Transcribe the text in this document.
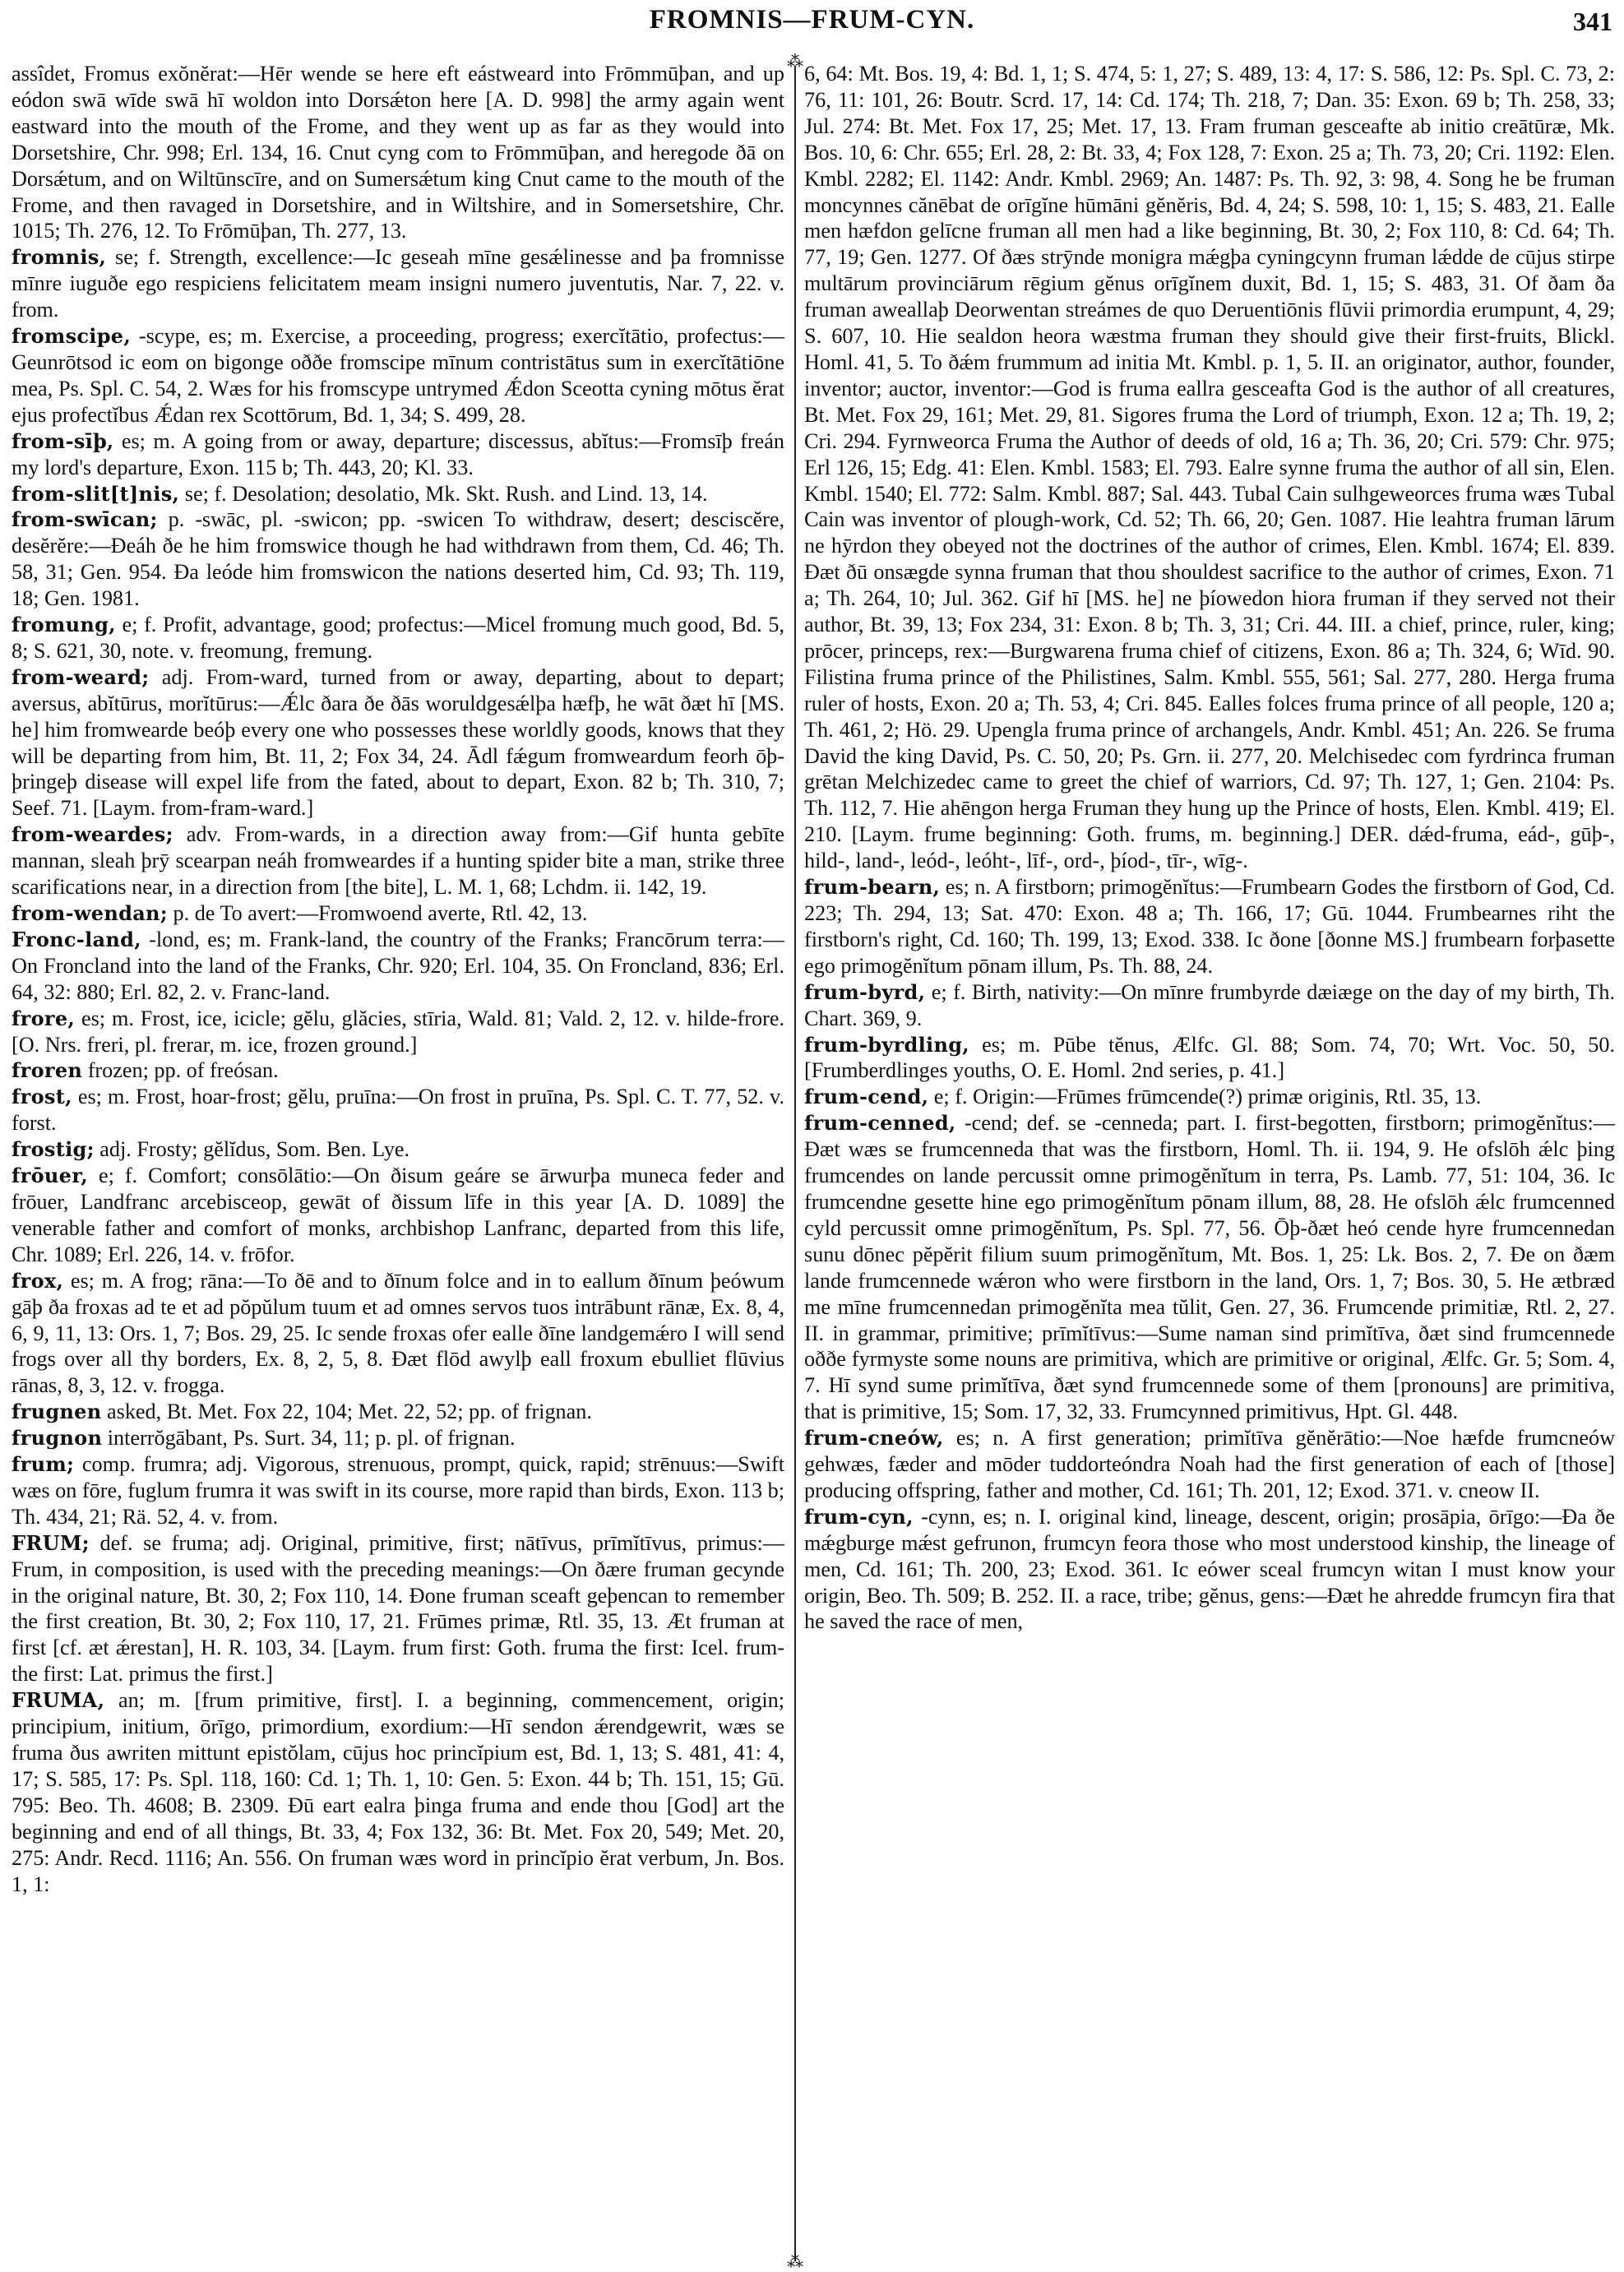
FROMNIS—FRUM-CYN.	341
⁂
⁂

assîdet, Fromus exŏnĕrat:—Hēr wende se here eft eástweard into Frōmmūþan, and up eódon swā wīde swā hī woldon into Dorsǽton here [A. D. 998] the army again went eastward into the mouth of the Frome, and they went up as far as they would into Dorsetshire, Chr. 998; Erl. 134, 16. Cnut cyng com to Frōmmūþan, and heregode ðā on Dorsǽtum, and on Wiltūnscīre, and on Sumersǽtum king Cnut came to the mouth of the Frome, and then ravaged in Dorsetshire, and in Wiltshire, and in Somersetshire, Chr. 1015; Th. 276, 12. To Frōmūþan, Th. 277, 13.

fromnis, se; f. Strength, excellence:—Ic geseah mīne gesǽlinesse and þa fromnisse mīnre iuguðe ego respiciens felicitatem meam insigni numero juventutis, Nar. 7, 22. v. from.

fromscipe, -scype, es; m. Exercise, a proceeding, progress; exercĭtātio, profectus:—Geunrōtsod ic eom on bigonge oððe fromscipe mīnum contristātus sum in exercĭtātiōne mea, Ps. Spl. C. 54, 2. Wæs for his fromscype untrymed Ǽdon Sceotta cyning mōtus ĕrat ejus profectĭbus Ǽdan rex Scottōrum, Bd. 1, 34; S. 499, 28.

from-sīþ, es; m. A going from or away, departure; discessus, abĭtus:—Fromsīþ freán my lord's departure, Exon. 115 b; Th. 443, 20; Kl. 33.

from-slit[t]nis, se; f. Desolation; desolatio, Mk. Skt. Rush. and Lind. 13, 14.

from-swīcan; p. -swāc, pl. -swicon; pp. -swicen To withdraw, desert; desciscĕre, desĕrĕre:—Ðeáh ðe he him fromswice though he had withdrawn from them, Cd. 46; Th. 58, 31; Gen. 954. Ða leóde him fromswicon the nations deserted him, Cd. 93; Th. 119, 18; Gen. 1981.

fromung, e; f. Profit, advantage, good; profectus:—Micel fromung much good, Bd. 5, 8; S. 621, 30, note. v. freomung, fremung.

from-weard; adj. From-ward, turned from or away, departing, about to depart; aversus, abĭtūrus, morĭtūrus:—Ǽlc ðara ðe ðās woruldgesǽlþa hæfþ, he wāt ðæt hī [MS. he] him fromwearde beóþ every one who possesses these worldly goods, knows that they will be departing from him, Bt. 11, 2; Fox 34, 24. Ādl fǽgum fromweardum feorh ōþ-þringeþ disease will expel life from the fated, about to depart, Exon. 82 b; Th. 310, 7; Seef. 71. [Laym. from-fram-ward.]

from-weardes; adv. From-wards, in a direction away from:—Gif hunta gebīte mannan, sleah þrȳ scearpan neáh fromweardes if a hunting spider bite a man, strike three scarifications near, in a direction from [the bite], L. M. 1, 68; Lchdm. ii. 142, 19.

from-wendan; p. de To avert:—Fromwoend averte, Rtl. 42, 13.

Fronc-land, -lond, es; m. Frank-land, the country of the Franks; Francōrum terra:—On Froncland into the land of the Franks, Chr. 920; Erl. 104, 35. On Froncland, 836; Erl. 64, 32: 880; Erl. 82, 2. v. Franc-land.

frore, es; m. Frost, ice, icicle; gĕlu, glăcies, stīria, Wald. 81; Vald. 2, 12. v. hilde-frore. [O. Nrs. freri, pl. frerar, m. ice, frozen ground.]

froren frozen; pp. of freósan.

frost, es; m. Frost, hoar-frost; gĕlu, pruīna:—On frost in pruīna, Ps. Spl. C. T. 77, 52. v. forst.

frostig; adj. Frosty; gĕlĭdus, Som. Ben. Lye.

frōuer, e; f. Comfort; consōlātio:—On ðisum geáre se ārwurþa muneca feder and frōuer, Landfranc arcebisceop, gewāt of ðissum līfe in this year [A. D. 1089] the venerable father and comfort of monks, archbishop Lanfranc, departed from this life, Chr. 1089; Erl. 226, 14. v. frōfor.

frox, es; m. A frog; rāna:—To ðē and to ðīnum folce and in to eallum ðīnum þeówum gāþ ða froxas ad te et ad pŏpŭlum tuum et ad omnes servos tuos intrābunt rānæ, Ex. 8, 4, 6, 9, 11, 13: Ors. 1, 7; Bos. 29, 25. Ic sende froxas ofer ealle ðīne landgemǽro I will send frogs over all thy borders, Ex. 8, 2, 5, 8. Ðæt flōd awylþ eall froxum ebulliet flūvius rānas, 8, 3, 12. v. frogga.

frugnen asked, Bt. Met. Fox 22, 104; Met. 22, 52; pp. of frignan.

frugnon interrŏgābant, Ps. Surt. 34, 11; p. pl. of frignan.

frum; comp. frumra; adj. Vigorous, strenuous, prompt, quick, rapid; strēnuus:—Swift wæs on fōre, fuglum frumra it was swift in its course, more rapid than birds, Exon. 113 b; Th. 434, 21; Rä. 52, 4. v. from.

FRUM; def. se fruma; adj. Original, primitive, first; nātīvus, prīmĭtīvus, primus:—Frum, in composition, is used with the preceding meanings:—On ðære fruman gecynde in the original nature, Bt. 30, 2; Fox 110, 14. Ðone fruman sceaft geþencan to remember the first creation, Bt. 30, 2; Fox 110, 17, 21. Frūmes primæ, Rtl. 35, 13. Æt fruman at first [cf. æt ǽrestan], H. R. 103, 34. [Laym. frum first: Goth. fruma the first: Icel. frum- the first: Lat. primus the first.]

FRUMA, an; m. [frum primitive, first]. I. a beginning, commencement, origin; principium, initium, ōrīgo, primordium, exordium:—Hī sendon ǽrendgewrit, wæs se fruma ðus awriten mittunt epistŏlam, cūjus hoc princĭpium est, Bd. 1, 13; S. 481, 41: 4, 17; S. 585, 17: Ps. Spl. 118, 160: Cd. 1; Th. 1, 10: Gen. 5: Exon. 44 b; Th. 151, 15; Gū. 795: Beo. Th. 4608; B. 2309. Ðū eart ealra þinga fruma and ende thou [God] art the beginning and end of all things, Bt. 33, 4; Fox 132, 36: Bt. Met. Fox 20, 549; Met. 20, 275: Andr. Recd. 1116; An. 556. On fruman wæs word in princĭpio ĕrat verbum, Jn. Bos. 1, 1:

6, 64: Mt. Bos. 19, 4: Bd. 1, 1; S. 474, 5: 1, 27; S. 489, 13: 4, 17: S. 586, 12: Ps. Spl. C. 73, 2: 76, 11: 101, 26: Boutr. Scrd. 17, 14: Cd. 174; Th. 218, 7; Dan. 35: Exon. 69 b; Th. 258, 33; Jul. 274: Bt. Met. Fox 17, 25; Met. 17, 13. Fram fruman gesceafte ab initio creātūræ, Mk. Bos. 10, 6: Chr. 655; Erl. 28, 2: Bt. 33, 4; Fox 128, 7: Exon. 25 a; Th. 73, 20; Cri. 1192: Elen. Kmbl. 2282; El. 1142: Andr. Kmbl. 2969; An. 1487: Ps. Th. 92, 3: 98, 4. Song he be fruman moncynnes cănēbat de orīgĭne hūmāni gĕnĕris, Bd. 4, 24; S. 598, 10: 1, 15; S. 483, 21. Ealle men hæfdon gelīcne fruman all men had a like beginning, Bt. 30, 2; Fox 110, 8: Cd. 64; Th. 77, 19; Gen. 1277. Of ðæs strȳnde monigra mǽgþa cyningcynn fruman lǽdde de cūjus stirpe multārum provinciārum rēgium gĕnus orīgĭnem duxit, Bd. 1, 15; S. 483, 31. Of ðam ða fruman aweallaþ Deorwentan streámes de quo Deruentiōnis flūvii primordia erumpunt, 4, 29; S. 607, 10. Hie sealdon heora wæstma fruman they should give their first-fruits, Blickl. Homl. 41, 5. To ðǽm frummum ad initia Mt. Kmbl. p. 1, 5. II. an originator, author, founder, inventor; auctor, inventor:—God is fruma eallra gesceafta God is the author of all creatures, Bt. Met. Fox 29, 161; Met. 29, 81. Sigores fruma the Lord of triumph, Exon. 12 a; Th. 19, 2; Cri. 294. Fyrnweorca Fruma the Author of deeds of old, 16 a; Th. 36, 20; Cri. 579: Chr. 975; Erl 126, 15; Edg. 41: Elen. Kmbl. 1583; El. 793. Ealre synne fruma the author of all sin, Elen. Kmbl. 1540; El. 772: Salm. Kmbl. 887; Sal. 443. Tubal Cain sulhgeweorces fruma wæs Tubal Cain was inventor of plough-work, Cd. 52; Th. 66, 20; Gen. 1087. Hie leahtra fruman lārum ne hȳrdon they obeyed not the doctrines of the author of crimes, Elen. Kmbl. 1674; El. 839. Ðæt ðū onsægde synna fruman that thou shouldest sacrifice to the author of crimes, Exon. 71 a; Th. 264, 10; Jul. 362. Gif hī [MS. he] ne þíowedon hiora fruman if they served not their author, Bt. 39, 13; Fox 234, 31: Exon. 8 b; Th. 3, 31; Cri. 44. III. a chief, prince, ruler, king; prōcer, princeps, rex:—Burgwarena fruma chief of citizens, Exon. 86 a; Th. 324, 6; Wīd. 90. Filistina fruma prince of the Philistines, Salm. Kmbl. 555, 561; Sal. 277, 280. Herga fruma ruler of hosts, Exon. 20 a; Th. 53, 4; Cri. 845. Ealles folces fruma prince of all people, 120 a; Th. 461, 2; Hö. 29. Upengla fruma prince of archangels, Andr. Kmbl. 451; An. 226. Se fruma David the king David, Ps. C. 50, 20; Ps. Grn. ii. 277, 20. Melchisedec com fyrdrinca fruman grētan Melchizedec came to greet the chief of warriors, Cd. 97; Th. 127, 1; Gen. 2104: Ps. Th. 112, 7. Hie ahēngon herga Fruman they hung up the Prince of hosts, Elen. Kmbl. 419; El. 210. [Laym. frume beginning: Goth. frums, m. beginning.] DER. dǽd-fruma, eád-, gūþ-, hild-, land-, leód-, leóht-, līf-, ord-, þíod-, tīr-, wīg-.

frum-bearn, es; n. A firstborn; primogĕnĭtus:—Frumbearn Godes the firstborn of God, Cd. 223; Th. 294, 13; Sat. 470: Exon. 48 a; Th. 166, 17; Gū. 1044. Frumbearnes riht the firstborn's right, Cd. 160; Th. 199, 13; Exod. 338. Ic ðone [ðonne MS.] frumbearn forþasette ego primogĕnĭtum pōnam illum, Ps. Th. 88, 24.

frum-byrd, e; f. Birth, nativity:—On mīnre frumbyrde dæiæge on the day of my birth, Th. Chart. 369, 9.

frum-byrdling, es; m. Pūbe tĕnus, Ælfc. Gl. 88; Som. 74, 70; Wrt. Voc. 50, 50. [Frumberdlinges youths, O. E. Homl. 2nd series, p. 41.]

frum-cend, e; f. Origin:—Frūmes frūmcende(?) primæ originis, Rtl. 35, 13.

frum-cenned, -cend; def. se -cenneda; part. I. first-begotten, firstborn; primogĕnĭtus:—Ðæt wæs se frumcenneda that was the firstborn, Homl. Th. ii. 194, 9. He ofslōh ǽlc þing frumcendes on lande percussit omne primogĕnĭtum in terra, Ps. Lamb. 77, 51: 104, 36. Ic frumcendne gesette hine ego primogĕnĭtum pōnam illum, 88, 28. He ofslōh ǽlc frumcenned cyld percussit omne primogĕnĭtum, Ps. Spl. 77, 56. Ōþ-ðæt heó cende hyre frumcennedan sunu dōnec pĕpĕrit filium suum primogĕnĭtum, Mt. Bos. 1, 25: Lk. Bos. 2, 7. Ðe on ðæm lande frumcennede wǽron who were firstborn in the land, Ors. 1, 7; Bos. 30, 5. He ætbræd me mīne frumcennedan primogĕnĭta mea tŭlit, Gen. 27, 36. Frumcende primitiæ, Rtl. 2, 27. II. in grammar, primitive; prīmĭtīvus:—Sume naman sind primĭtīva, ðæt sind frumcennede oððe fyrmyste some nouns are primitiva, which are primitive or original, Ælfc. Gr. 5; Som. 4, 7. Hī synd sume primĭtīva, ðæt synd frumcennede some of them [pronouns] are primitiva, that is primitive, 15; Som. 17, 32, 33. Frumcynned primitivus, Hpt. Gl. 448.

frum-cneów, es; n. A first generation; primĭtīva gĕnĕrātio:—Noe hæfde frumcneów gehwæs, fæder and mōder tuddorteóndra Noah had the first generation of each of [those] producing offspring, father and mother, Cd. 161; Th. 201, 12; Exod. 371. v. cneow II.

frum-cyn, -cynn, es; n. I. original kind, lineage, descent, origin; prosāpia, ōrīgo:—Ða ðe mǽgburge mǽst gefrunon, frumcyn feora those who most understood kinship, the lineage of men, Cd. 161; Th. 200, 23; Exod. 361. Ic eówer sceal frumcyn witan I must know your origin, Beo. Th. 509; B. 252. II. a race, tribe; gĕnus, gens:—Ðæt he ahredde frumcyn fira that he saved the race of men,
